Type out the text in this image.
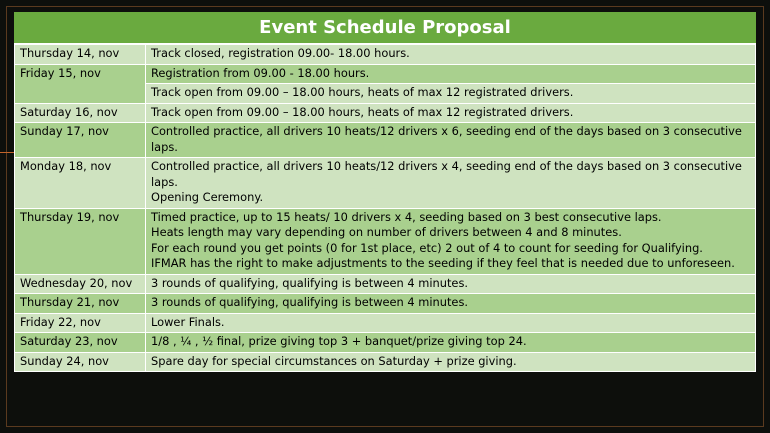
Event Schedule Proposal
Thursday 14, nov	Track closed, registration 09.00- 18.00 hours.

Friday 15, nov	Registration from 09.00 - 18.00 hours.

	Track open from 09.00 – 18.00 hours, heats of max 12 registrated drivers.

Saturday 16, nov	Track open from 09.00 – 18.00 hours, heats of max 12 registrated drivers.

Sunday 17, nov	Controlled practice, all drivers 10 heats/12 drivers x 6, seeding end of the days based on 3 consecutive laps.

Monday 18, nov	Controlled practice, all drivers 10 heats/12 drivers x 4, seeding end of the days based on 3 consecutive laps.
Opening Ceremony.

Thursday 19, nov	Timed practice, up to 15 heats/ 10 drivers x 4, seeding based on 3 best consecutive laps.
Heats length may vary depending on number of drivers between 4 and 8 minutes.
For each round you get points (0 for 1st place, etc) 2 out of 4 to count for seeding for Qualifying.
IFMAR has the right to make adjustments to the seeding if they feel that is needed due to unforeseen.

Wednesday 20, nov	3 rounds of qualifying, qualifying is between 4 minutes.

Thursday 21, nov	3 rounds of qualifying, qualifying is between 4 minutes.

Friday 22, nov	Lower Finals.

Saturday 23, nov	1/8 , ¼ , ½ final, prize giving top 3 + banquet/prize giving top 24.

Sunday 24, nov	Spare day for special circumstances on Saturday + prize giving.
